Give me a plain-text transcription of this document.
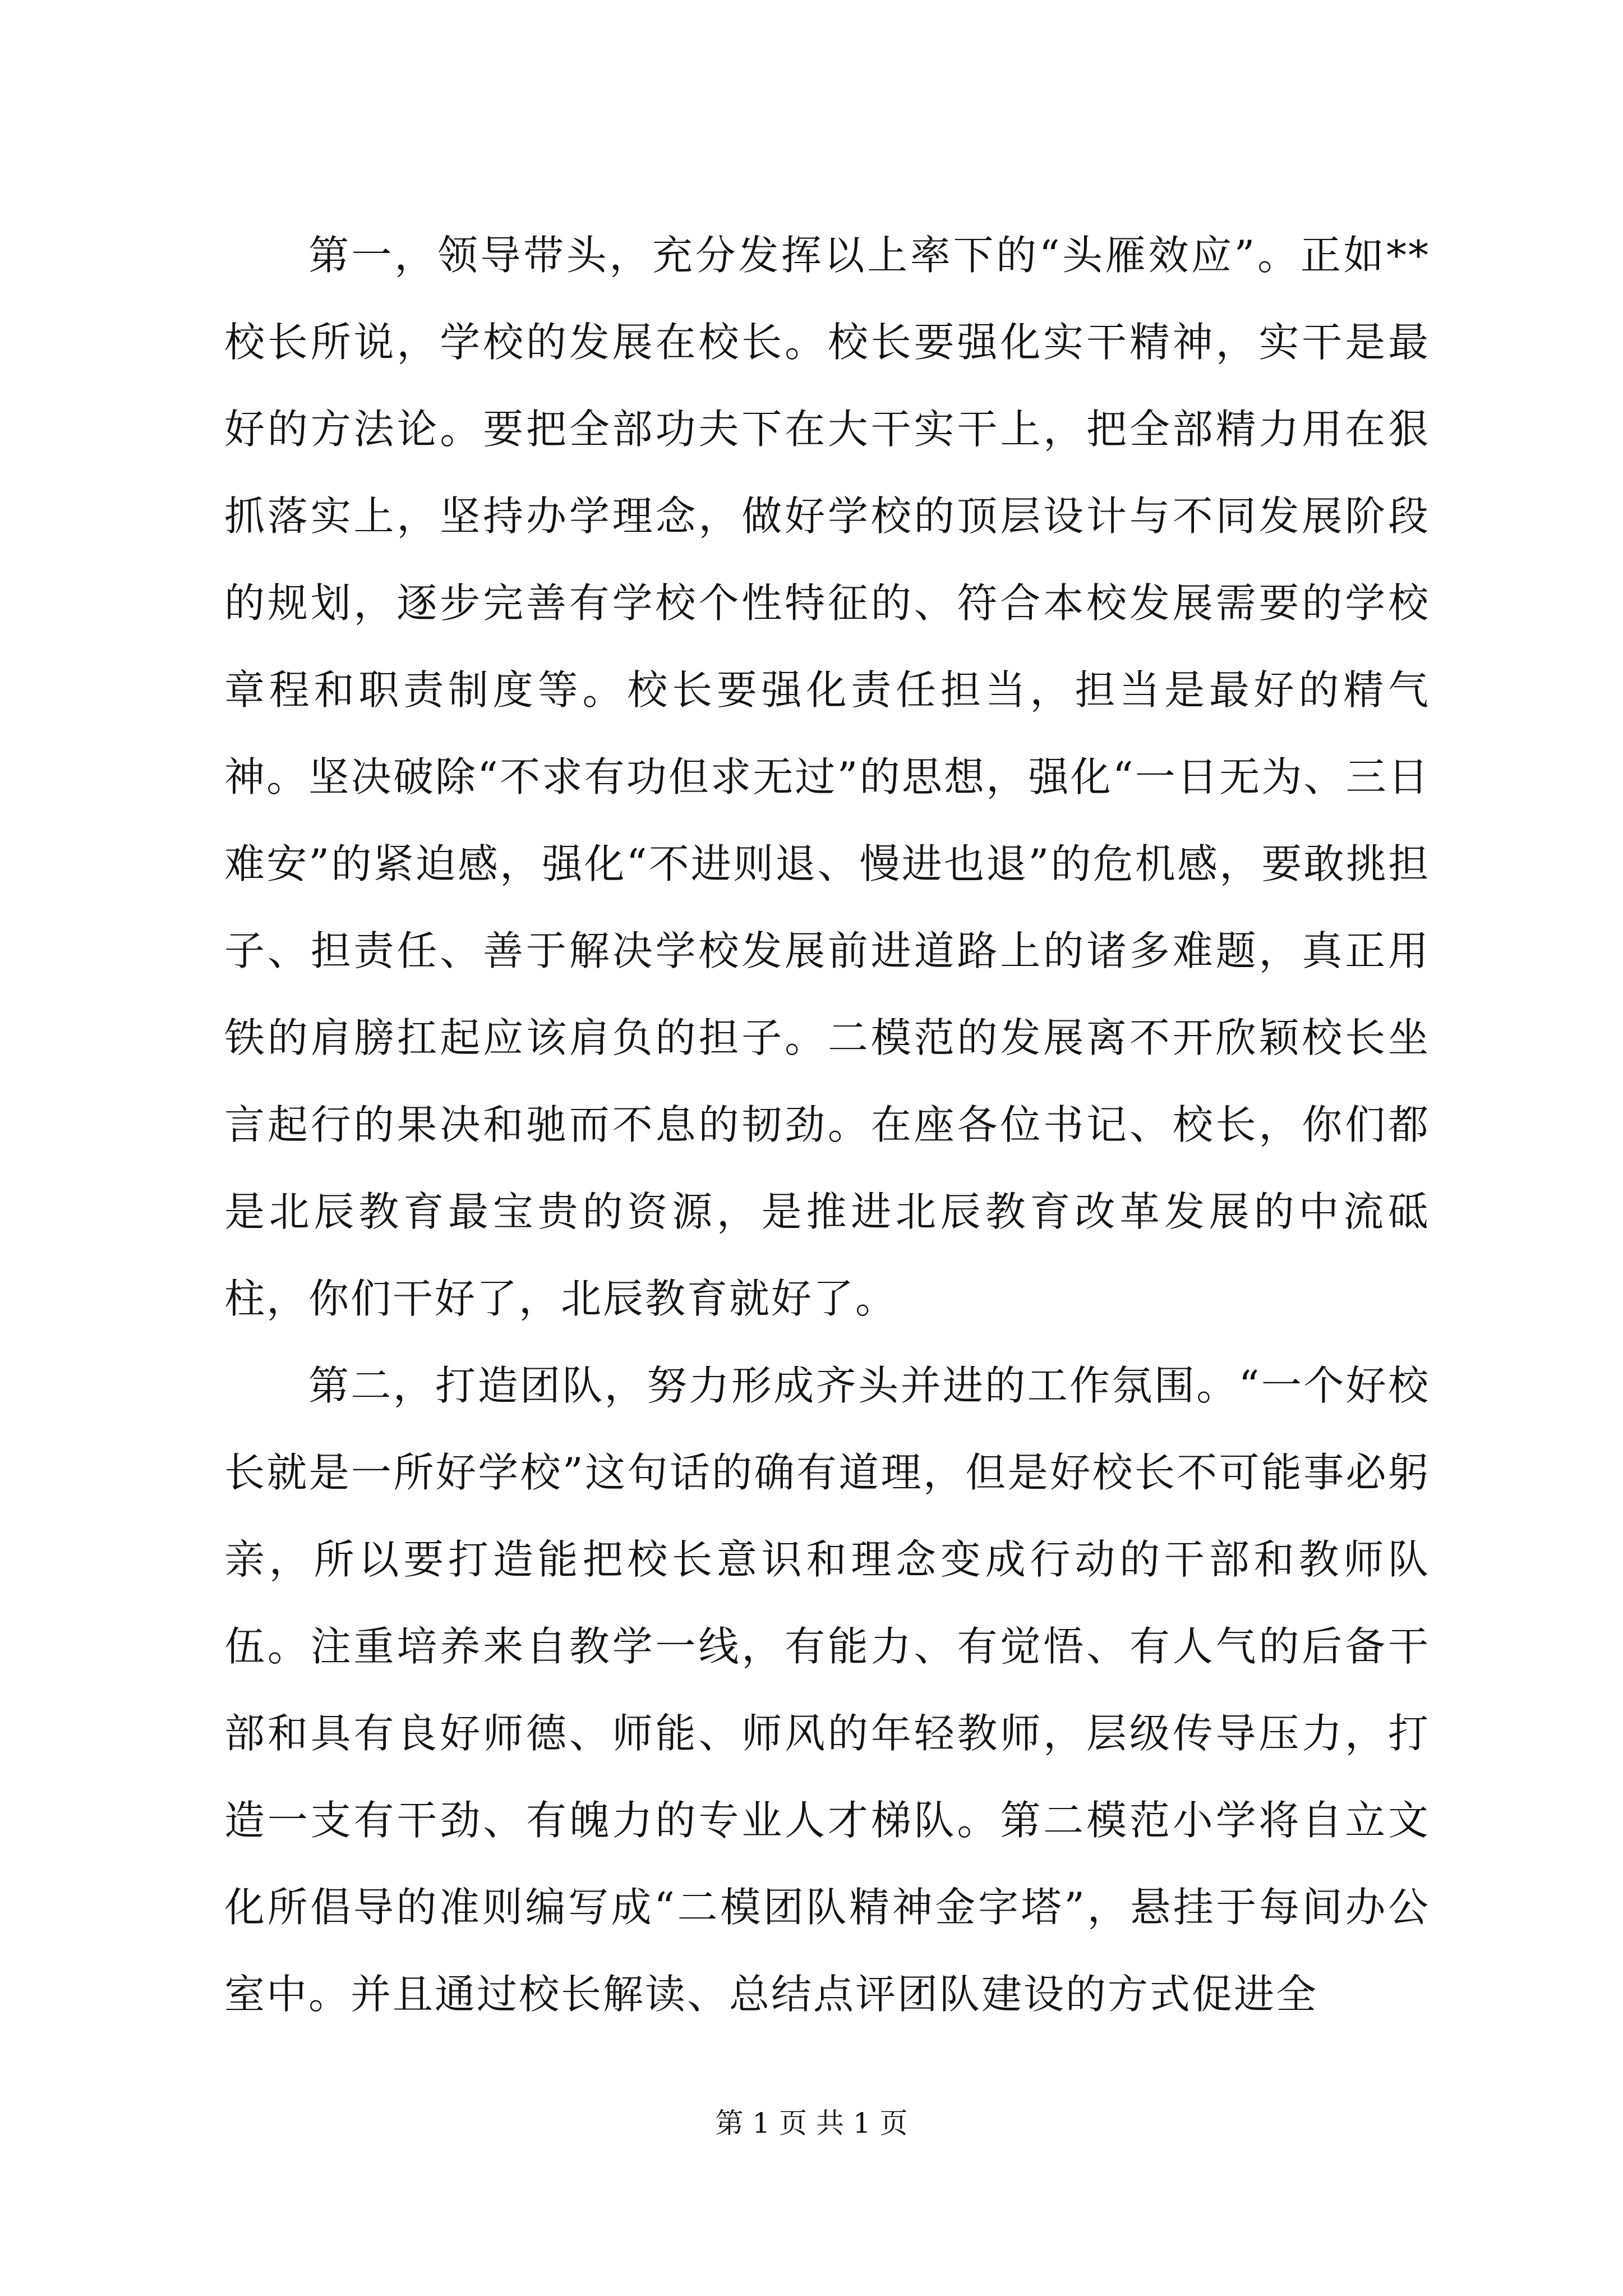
第一，领导带头，充分发挥以上率下的“头雁效应”。正如**校长所说，学校的发展在校长。校长要强化实干精神，实干是最好的方法论。要把全部功夫下在大干实干上，把全部精力用在狠抓落实上，坚持办学理念，做好学校的顶层设计与不同发展阶段的规划，逐步完善有学校个性特征的、符合本校发展需要的学校章程和职责制度等。校长要强化责任担当，担当是最好的精气神。坚决破除“不求有功但求无过”的思想，强化“一日无为、三日难安”的紧迫感，强化“不进则退、慢进也退”的危机感，要敢挑担子、担责任、善于解决学校发展前进道路上的诸多难题，真正用铁的肩膀扛起应该肩负的担子。二模范的发展离不开欣颖校长坐言起行的果决和驰而不息的韧劲。在座各位书记、校长，你们都是北辰教育最宝贵的资源，是推进北辰教育改革发展的中流砥柱，你们干好了，北辰教育就好了。

第二，打造团队，努力形成齐头并进的工作氛围。“一个好校长就是一所好学校”这句话的确有道理，但是好校长不可能事必躬亲，所以要打造能把校长意识和理念变成行动的干部和教师队伍。注重培养来自教学一线，有能力、有觉悟、有人气的后备干部和具有良好师德、师能、师风的年轻教师，层级传导压力，打造一支有干劲、有魄力的专业人才梯队。第二模范小学将自立文化所倡导的准则编写成“二模团队精神金字塔”，悬挂于每间办公室中。并且通过校长解读、总结点评团队建设的方式促进全

第 1 页 共 1 页
